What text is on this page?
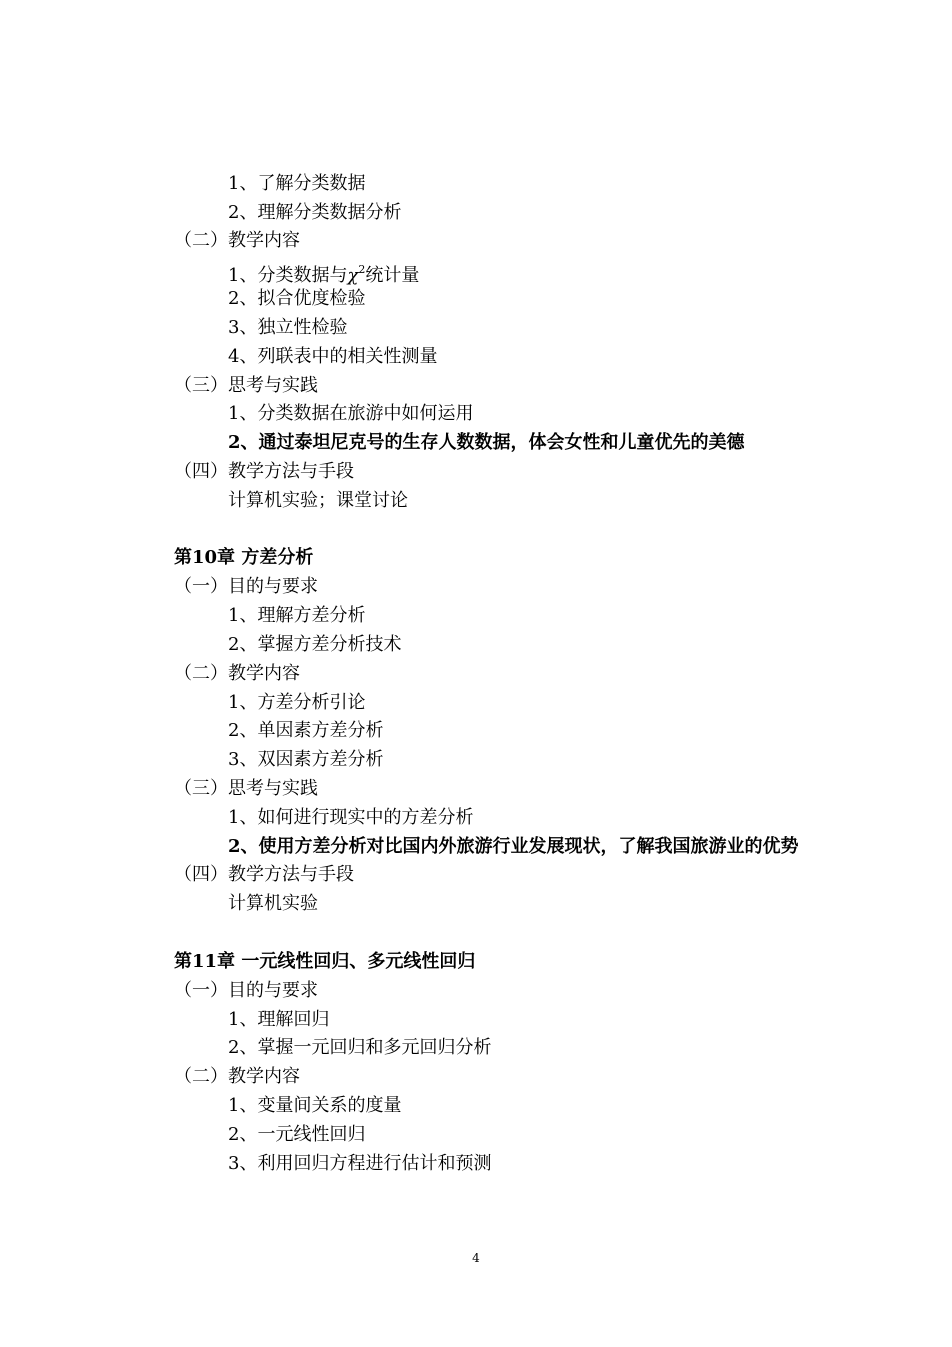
1、了解分类数据
2、理解分类数据分析
（二）教学内容
1、分类数据与$\chi^2$统计量
2、拟合优度检验
3、独立性检验
4、列联表中的相关性测量
（三）思考与实践
1、分类数据在旅游中如何运用
2、通过泰坦尼克号的生存人数数据，体会女性和儿童优先的美德
（四）教学方法与手段
计算机实验；课堂讨论
第10章 方差分析
（一）目的与要求
1、理解方差分析
2、掌握方差分析技术
（二）教学内容
1、方差分析引论
2、单因素方差分析
3、双因素方差分析
（三）思考与实践
1、如何进行现实中的方差分析
2、使用方差分析对比国内外旅游行业发展现状，了解我国旅游业的优势
（四）教学方法与手段
计算机实验
第11章 一元线性回归、多元线性回归
（一）目的与要求
1、理解回归
2、掌握一元回归和多元回归分析
（二）教学内容
1、变量间关系的度量
2、一元线性回归
3、利用回归方程进行估计和预测
4
